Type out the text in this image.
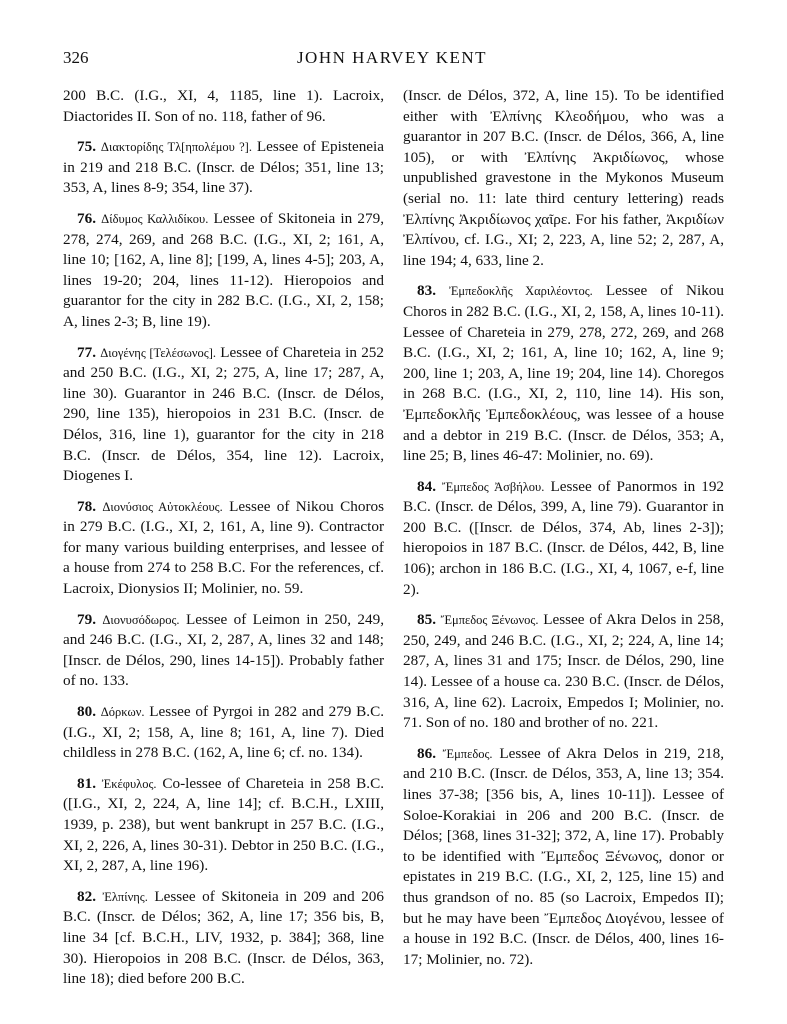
326	JOHN HARVEY KENT

200 B.C. (I.G., XI, 4, 1185, line 1). Lacroix, Diactorides II. Son of no. 118, father of 96.

75. Διακτορίδης Τλ[ηπολέμου ?]. Lessee of Episteneia in 219 and 218 B.C. (Inscr. de Délos; 351, line 13; 353, A, lines 8-9; 354, line 37).

76. Δίδυμος Καλλιδίκου. Lessee of Skitoneia in 279, 278, 274, 269, and 268 B.C. (I.G., XI, 2; 161, A, line 10; [162, A, line 8]; [199, A, lines 4-5]; 203, A, lines 19-20; 204, lines 11-12). Hieropoios and guarantor for the city in 282 B.C. (I.G., XI, 2, 158; A, lines 2-3; B, line 19).

77. Διογένης [Τελέσωνος]. Lessee of Chareteia in 252 and 250 B.C. (I.G., XI, 2; 275, A, line 17; 287, A, line 30). Guarantor in 246 B.C. (Inscr. de Délos, 290, line 135), hieropoios in 231 B.C. (Inscr. de Délos, 316, line 1), guarantor for the city in 218 B.C. (Inscr. de Délos, 354, line 12). Lacroix, Diogenes I.

78. Διονύσιος Αὐτοκλέους. Lessee of Nikou Choros in 279 B.C. (I.G., XI, 2, 161, A, line 9). Contractor for many various building enterprises, and lessee of a house from 274 to 258 B.C. For the references, cf. Lacroix, Dionysios II; Molinier, no. 59.

79. Διονυσόδωρος. Lessee of Leimon in 250, 249, and 246 B.C. (I.G., XI, 2, 287, A, lines 32 and 148; [Inscr. de Délos, 290, lines 14-15]). Probably father of no. 133.

80. Δόρκων. Lessee of Pyrgoi in 282 and 279 B.C. (I.G., XI, 2; 158, A, line 8; 161, A, line 7). Died childless in 278 B.C. (162, A, line 6; cf. no. 134).

81. Ἐκέφυλος. Co-lessee of Chareteia in 258 B.C. ([I.G., XI, 2, 224, A, line 14]; cf. B.C.H., LXIII, 1939, p. 238), but went bankrupt in 257 B.C. (I.G., XI, 2, 226, A, lines 30-31). Debtor in 250 B.C. (I.G., XI, 2, 287, A, line 196).

82. Ἐλπίνης. Lessee of Skitoneia in 209 and 206 B.C. (Inscr. de Délos; 362, A, line 17; 356 bis, B, line 34 [cf. B.C.H., LIV, 1932, p. 384]; 368, line 30). Hieropoios in 208 B.C. (Inscr. de Délos, 363, line 18); died before 200 B.C.

(Inscr. de Délos, 372, A, line 15). To be identified either with Ἐλπίνης Κλεοδήμου, who was a guarantor in 207 B.C. (Inscr. de Délos, 366, A, line 105), or with Ἐλπίνης Ἀκριδίωνος, whose unpublished gravestone in the Mykonos Museum (serial no. 11: late third century lettering) reads Ἐλπίνης Ἀκριδίωνος χαῖρε. For his father, Ἀκριδίων Ἐλπίνου, cf. I.G., XI; 2, 223, A, line 52; 2, 287, A, line 194; 4, 633, line 2.

83. Ἐμπεδοκλῆς Χαριλέοντος. Lessee of Nikou Choros in 282 B.C. (I.G., XI, 2, 158, A, lines 10-11). Lessee of Chareteia in 279, 278, 272, 269, and 268 B.C. (I.G., XI, 2; 161, A, line 10; 162, A, line 9; 200, line 1; 203, A, line 19; 204, line 14). Choregos in 268 B.C. (I.G., XI, 2, 110, line 14). His son, Ἐμπεδοκλῆς Ἐμπεδοκλέους, was lessee of a house and a debtor in 219 B.C. (Inscr. de Délos, 353; A, line 25; B, lines 46-47: Molinier, no. 69).

84. Ἔμπεδος Ἀσβήλου. Lessee of Panormos in 192 B.C. (Inscr. de Délos, 399, A, line 79). Guarantor in 200 B.C. ([Inscr. de Délos, 374, Ab, lines 2-3]); hieropoios in 187 B.C. (Inscr. de Délos, 442, B, line 106); archon in 186 B.C. (I.G., XI, 4, 1067, e-f, line 2).

85. Ἔμπεδος Ξένωνος. Lessee of Akra Delos in 258, 250, 249, and 246 B.C. (I.G., XI, 2; 224, A, line 14; 287, A, lines 31 and 175; Inscr. de Délos, 290, line 14). Lessee of a house ca. 230 B.C. (Inscr. de Délos, 316, A, line 62). Lacroix, Empedos I; Molinier, no. 71. Son of no. 180 and brother of no. 221.

86. Ἔμπεδος. Lessee of Akra Delos in 219, 218, and 210 B.C. (Inscr. de Délos, 353, A, line 13; 354. lines 37-38; [356 bis, A, lines 10-11]). Lessee of Soloe-Korakiai in 206 and 200 B.C. (Inscr. de Délos; [368, lines 31-32]; 372, A, line 17). Probably to be identified with Ἔμπεδος Ξένωνος, donor or epistates in 219 B.C. (I.G., XI, 2, 125, line 15) and thus grandson of no. 85 (so Lacroix, Empedos II); but he may have been Ἔμπεδος Διογένου, lessee of a house in 192 B.C. (Inscr. de Délos, 400, lines 16-17; Molinier, no. 72).
